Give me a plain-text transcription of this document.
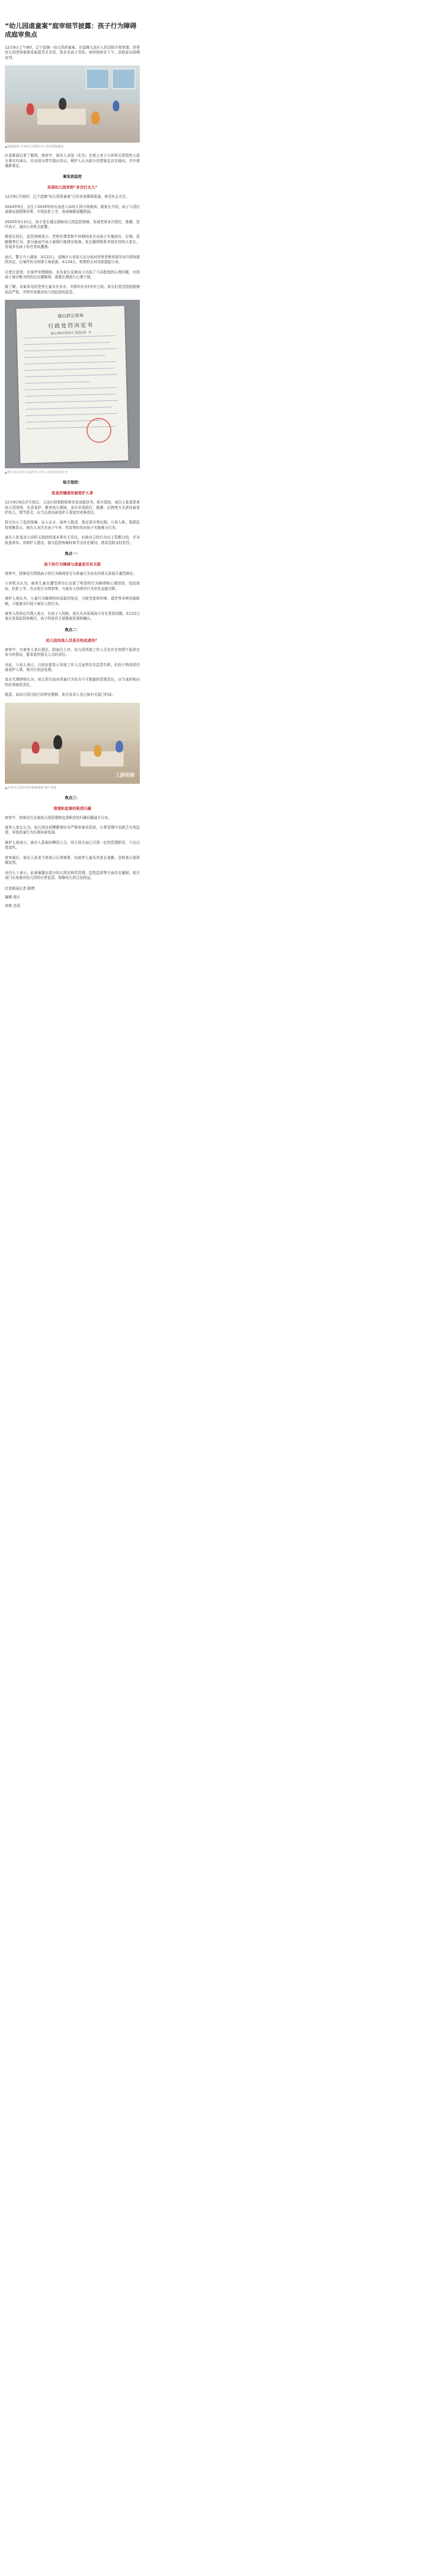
“幼儿园虐童案”庭审细节披露：孩子行为障碍成庭审焦点

12月9日上午9时，辽宁盘锦一幼儿园虐童案，在盘锦大洼区人民法院开庭审理。涉事幼儿园老师被指采取惩罚式手段，致多名孩子受伤。庭审持续至下午，法院宣布择期宣判。

▲视频截图 涉事幼儿园教室内 监控视频截图

红星新闻记者了解到，庭审中，被告人刘某（化名）在庭上对于公诉机关指控的大部分事实均承认，但对部分情节提出异议。辩护人认为部分伤情鉴定存在疑问，并申请重新鉴定。

案发前监控
发现幼儿园老师“多次打女儿”

12月9日开庭时，辽宁盘锦“幼儿园虐童案”已经多家媒体报道，备受社会关注。

2024年9月，出生于2019年的女孩进入该幼儿园小班就读。据家长介绍，孩子入园后逐渐出现情绪异常，开始抗拒上学，夜间频繁惊醒哭闹。

2025年3月21日，孩子家长通过调取幼儿园监控视频，发现老师多次殴打、推搡、恐吓孩子，遂向公安机关报警。

据家长回忆，监控视频显示，老师在课堂和午休期间多次对孩子实施拍打、拉拽、用脚踢等行为，部分画面中孩子被强行拖拽至角落。家长随即联系其他在园幼儿家长，发现多名孩子存在类似遭遇。

此后，警方介入调查。3月22日，盘锦市公安局大洼分局对涉事老师刘某作出行政拘留的决定，后案件转为刑事立案侦查。4月24日，检察机关对刘某提起公诉。

记者注意到，在案件审理期间，多名家长反映孩子出现了不同程度的心理问题，有的孩子被诊断为创伤后应激障碍，需要长期进行心理干预。

据了解，本案涉及的受害儿童共有多名，年龄均在3至5岁之间。家长们希望法院能够依法严惩，并呼吁加强对幼儿园监控的监管。

盘山县公安局
行政处罚决定书
盘公(刑)行罚决字【2025】 号
▲警方对涉事幼儿园涉事工作人员的处罚决定书
检方指控：
张某涉嫌虐待被看护人罪

12月9日9点许开庭后，大洼区检察院检察官宣读起诉书。检方指控，被告人张某系某幼儿园老师，负责看护、教育幼儿期间，多次采用殴打、推搡、拉拽等方式虐待被看护幼儿，情节恶劣，应当以虐待被看护人罪追究刑事责任。

检方出示了监控视频、证人证言、被害人陈述、鉴定意见等证据。公诉人称，根据监控视频显示，被告人多次在孩子午休、吃饭等时段对孩子实施暴力行为。

被告人张某对公诉机关指控的基本事实无异议，但称自己的行为出于管教目的，并非故意虐待。其辩护人提出，部分监控视频时间节点存在疑问，请求法院从轻处罚。

焦点一：
孩子的行为障碍与虐童是否有关联

庭审中，控辩双方围绕孩子的行为障碍是否与虐童行为存在因果关系展开激烈辩论。

公诉机关认为，被害儿童在遭受虐待后出现了明显的行为障碍和心理创伤，包括夜惊、抗拒上学、攻击性行为增加等，与被告人的虐待行为存在直接关联。

辩护人则认为，儿童行为障碍的形成原因复杂，可能受家庭环境、遗传等多种因素影响，不能简单归因于被告人的行为。

被害人的诉讼代理人表示，在孩子入园前，家长从未发现孩子存在类似问题。3月21日家长发现监控视频后，孩子的症状才逐渐被发现和确认。

焦点二：
幼儿园其他人员是否构成虐待？

庭审中，有被害人家长提出，除被告人外，幼儿园其他工作人员也存在知情不报甚至参与的情况，要求追究相关人员的责任。

对此，公诉人表示，目前证据显示其他工作人员虽然存在监管失职，但尚不构成虐待被看护人罪，将另行依法处理。

家长代理律师认为，幼儿园方面对虐童行为负有不可推卸的管理责任，应当承担相应的民事赔偿责任。

据悉，该幼儿园目前已经停业整顿，相关负责人也已被有关部门约谈。

上游视频
▲涉事幼儿园内监控视频截图 图片来源
焦点三：
管理和监督的职责归属

庭审中，控辩双方还就幼儿园管理和监督职责的归属问题展开讨论。

被害人家长认为，幼儿园在招聘教师时未严格审查其资质，日常管理中也缺乏有效监督，导致虐童行为长期未被发现。

辩护人则表示，被告人系临时聘用人员，幼儿园方面已尽到一定的管理职责，不应过度追究。

庭审最后，被告人张某当庭表示认罪悔罪，向被害儿童及其家长道歉。法院表示将择期宣判。

业内人士表示，此案暴露出部分幼儿园在师资管理、监控监督等方面存在漏洞，相关部门应加强对幼儿园的日常监管，保障幼儿的合法权益。

红星新闻记者 陈博
编辑 郭庄
审核 官莉
